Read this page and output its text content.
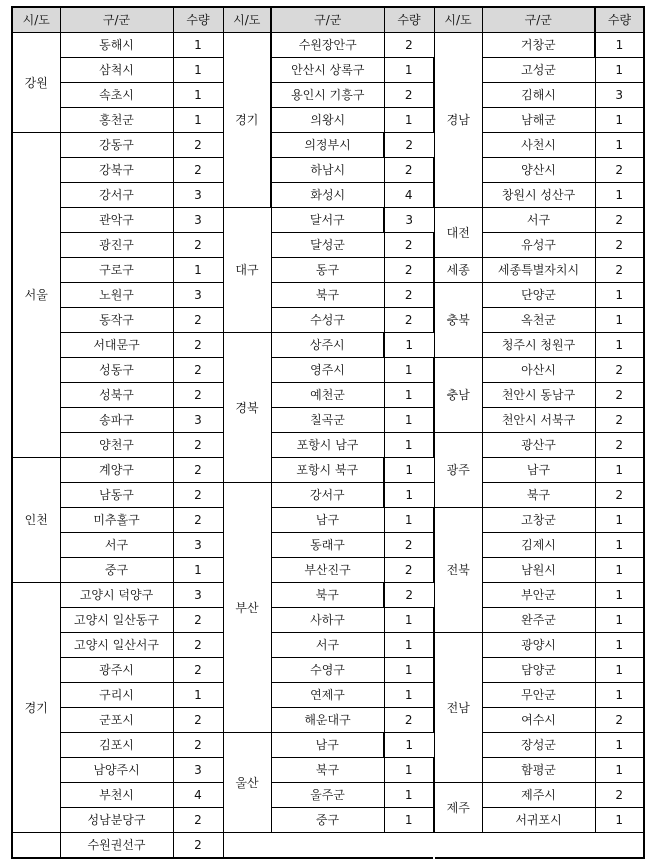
시/도	구/군	수량	시/도	구/군	수량	시/도	구/군	수량
강원	동해시	1	경기	수원장안구	2	경남	거창군	1
	삼척시	1		안산시 상록구	1		고성군	1
	속초시	1		용인시 기흥구	2		김해시	3
	홍천군	1		의왕시	1		남해군	1
서울	강동구	2		의정부시	2		사천시	1
	강북구	2		하남시	2		양산시	2
	강서구	3		화성시	4		창원시 성산구	1
	관악구	3	대구	달서구	3	대전	서구	2
	광진구	2		달성군	2		유성구	2
	구로구	1		동구	2	세종	세종특별자치시	2
	노원구	3		북구	2	충북	단양군	1
	동작구	2		수성구	2		옥천군	1
	서대문구	2	경북	상주시	1		청주시 청원구	1
	성동구	2		영주시	1	충남	아산시	2
	성북구	2		예천군	1		천안시 동남구	2
	송파구	3		칠곡군	1		천안시 서북구	2
	양천구	2		포항시 남구	1	광주	광산구	2
인천	계양구	2		포항시 북구	1		남구	1
	남동구	2	부산	강서구	1		북구	2
	미추홀구	2		남구	1	전북	고창군	1
	서구	3		동래구	2		김제시	1
	중구	1		부산진구	2		남원시	1
경기	고양시 덕양구	3		북구	2		부안군	1
	고양시 일산동구	2		사하구	1		완주군	1
	고양시 일산서구	2		서구	1	전남	광양시	1
	광주시	2		수영구	1		담양군	1
	구리시	1		연제구	1		무안군	1
	군포시	2		해운대구	2		여수시	2
	김포시	2	울산	남구	1		장성군	1
	남양주시	3		북구	1		함평군	1
	부천시	4		울주군	1	제주	제주시	2
	성남분당구	2		중구	1		서귀포시	1
	수원권선구	2						
